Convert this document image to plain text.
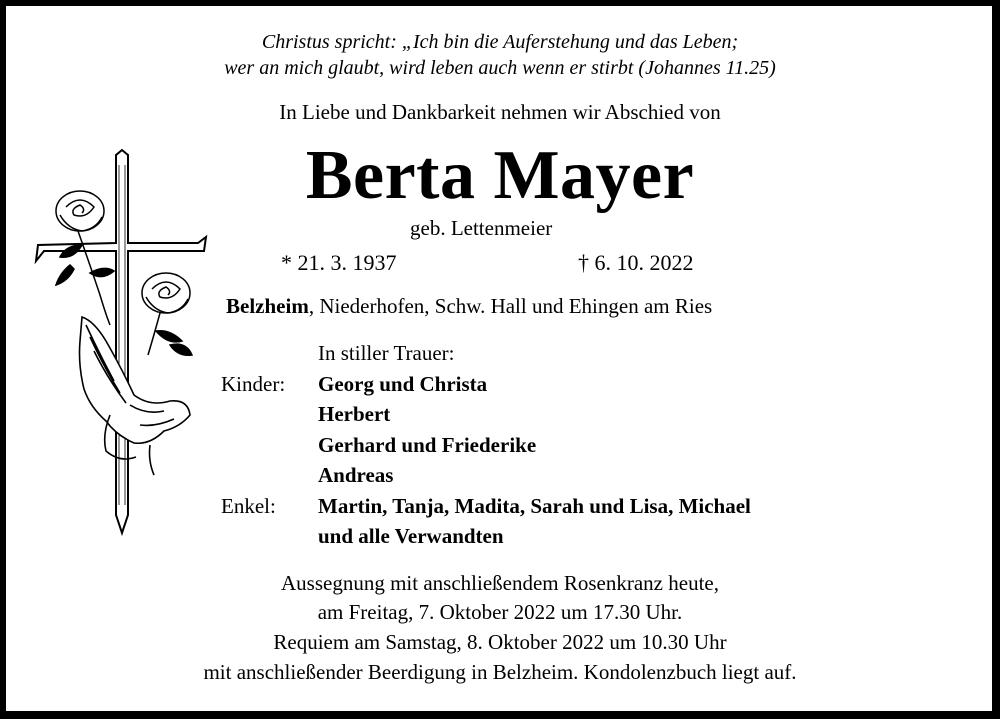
Christus spricht: „Ich bin die Auferstehung und das Leben;
wer an mich glaubt, wird leben auch wenn er stirbt (Johannes 11.25)
In Liebe und Dankbarkeit nehmen wir Abschied von
Berta Mayer
geb. Lettenmeier
* 21. 3. 1937	† 6. 10. 2022
Belzheim, Niederhofen, Schw. Hall und Ehingen am Ries
In stiller Trauer:
Kinder: Georg und Christa
Herbert
Gerhard und Friederike
Andreas
Enkel: Martin, Tanja, Madita, Sarah und Lisa, Michael
und alle Verwandten
Aussegnung mit anschließendem Rosenkranz heute,
am Freitag, 7. Oktober 2022 um 17.30 Uhr.
Requiem am Samstag, 8. Oktober 2022 um 10.30 Uhr
mit anschließender Beerdigung in Belzheim. Kondolenzbuch liegt auf.
